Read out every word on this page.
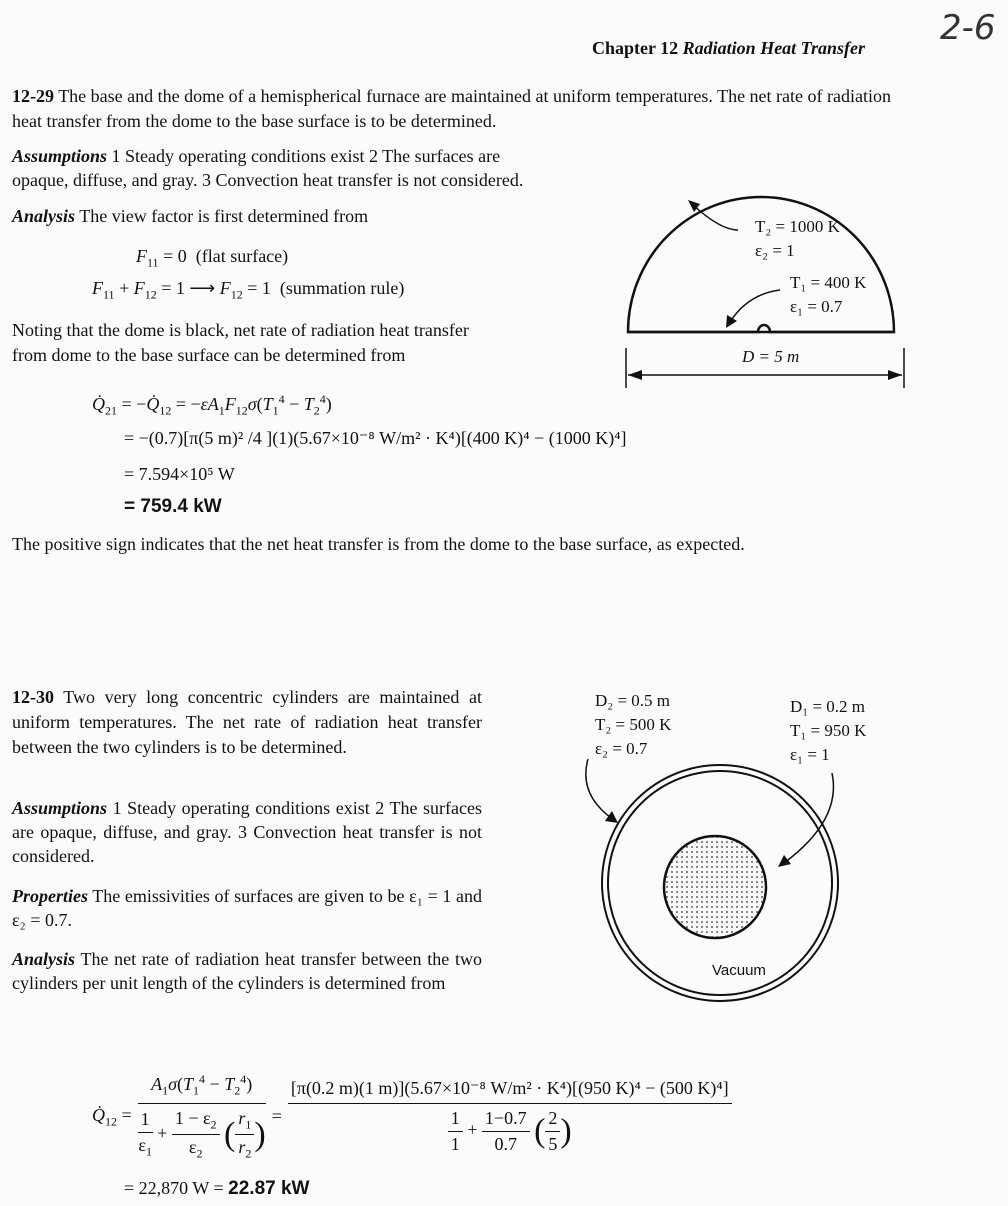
2-6
Chapter 12 Radiation Heat Transfer
12-29 The base and the dome of a hemispherical furnace are maintained at uniform temperatures. The net rate of radiation heat transfer from the dome to the base surface is to be determined.
Assumptions 1 Steady operating conditions exist 2 The surfaces are
opaque, diffuse, and gray. 3 Convection heat transfer is not considered.
Analysis The view factor is first determined from
$F_{11} = 0$  (flat surface)
$F_{11} + F_{12} = 1$ ⟶ $F_{12} = 1$  (summation rule)
Noting that the dome is black, net rate of radiation heat transfer
from dome to the base surface can be determined from
$Q̇_{21}$ = $-Q̇_{12} = -\varepsilon A_1F_{12}\sigma(T_1^4 - T_2^4)$
= −(0.7)[π(5 m)² /4 ](1)(5.67×10⁻⁸ W/m² · K⁴)[(400 K)⁴ − (1000 K)⁴]
= 7.594×10⁵ W
= 759.4 kW
The positive sign indicates that the net heat transfer is from the dome to the base surface, as expected.
T₂ = 1000 K
ε₂ = 1
T₁ = 400 K
ε₁ = 0.7
D = 5 m
12-30 Two very long concentric cylinders are maintained at uniform temperatures. The net rate of radiation heat transfer between the two cylinders is to be determined.
Assumptions 1 Steady operating conditions exist 2 The surfaces are opaque, diffuse, and gray. 3 Convection heat transfer is not considered.
Properties The emissivities of surfaces are given to be ε₁ = 1 and ε₂ = 0.7.
Analysis The net rate of radiation heat transfer between the two cylinders per unit length of the cylinders is determined from
D₂ = 0.5 m
T₂ = 500 K
ε₂ = 0.7
D₁ = 0.2 m
T₁ = 950 K
ε₁ = 1
Vacuum
$Q̇_{12} = \frac{A_1\sigma(T_1^4 - T_2^4)}{\frac{1}{\varepsilon_1} + \frac{1 - \varepsilon_2}{\varepsilon_2} ( \frac{r_1}{r_2} )} = \frac{\text{[π(0.2 m)(1 m)](5.67×10⁻⁸ W/m² · K⁴)[(950 K)⁴ − (500 K)⁴]}}{\frac{1}{1} + \frac{1-0.7}{0.7} ( \frac{2}{5} )}$
= 22,870 W = 22.87 kW
